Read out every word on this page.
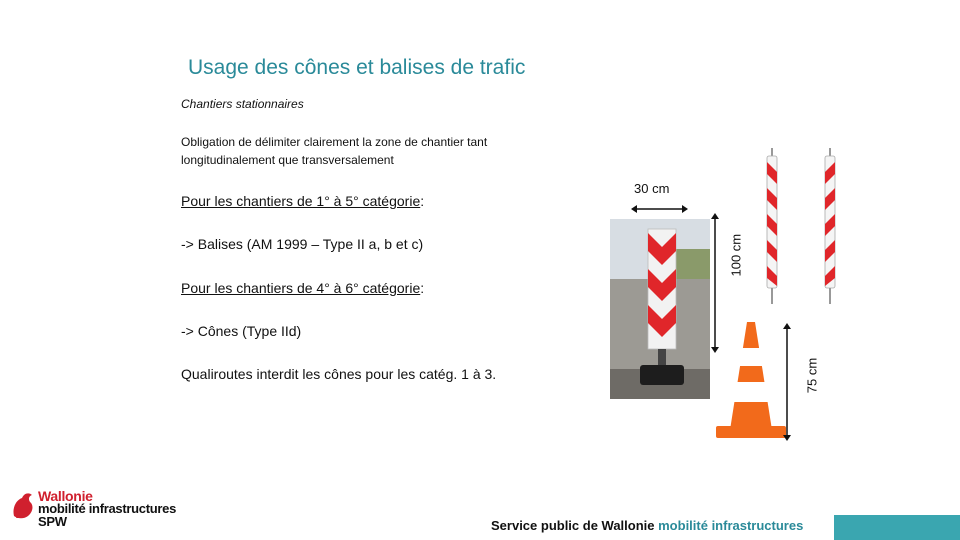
Usage des cônes et balises de trafic
Chantiers stationnaires
Obligation de délimiter clairement la zone de chantier tant longitudinalement que transversalement
Pour les chantiers de 1° à 5° catégorie:
-> Balises (AM 1999 – Type II a, b et c)
Pour les chantiers de 4° à 6° catégorie:
-> Cônes (Type IId)
Qualiroutes interdit les cônes pour les catég. 1 à 3.
30 cm
100 cm
75 cm
Wallonie
mobilité infrastructures
SPW	Service public de Wallonie mobilité infrastructures
